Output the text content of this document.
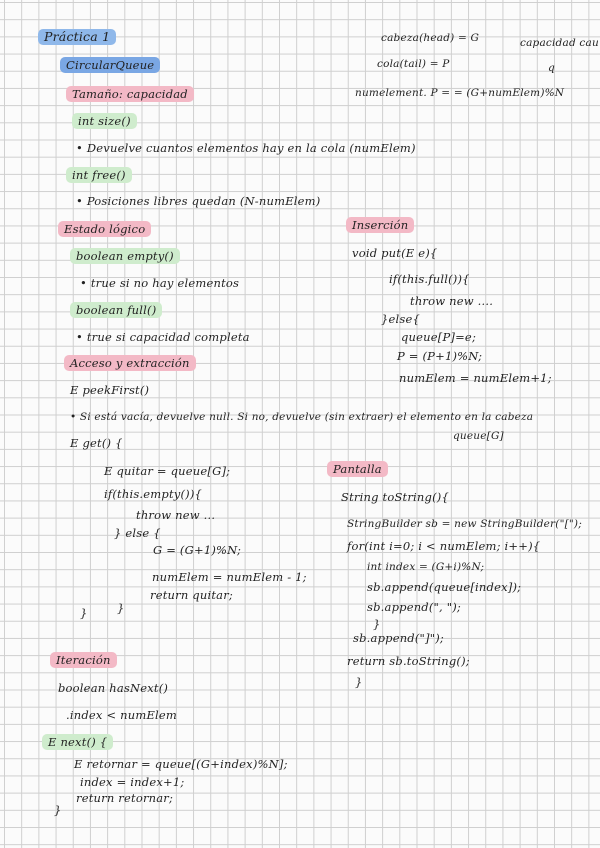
Práctica 1
CircularQueue
cabeza(head) = G
cola(tail) = P
numelement. P = = (G+numElem)%N
capacidad cau
q
Tamaño: capacidad
int size()
• Devuelve cuantos elementos hay en la cola (numElem)
int free()
• Posiciones libres quedan (N-numElem)
Estado lógico
boolean empty()
• true si no hay elementos
boolean full()
• true si capacidad completa
Inserción
void put(E e){
if(this.full()){
throw new ....
}else{
queue[P]=e;
P = (P+1)%N;
numElem = numElem+1;
Acceso y extracción
E peekFirst()
• Si está vacía, devuelve null. Si no, devuelve (sin extraer) el elemento en la cabeza
queue[G]
E get() {
E quitar = queue[G];
if(this.empty()){
throw new ...
} else {
G = (G+1)%N;
numElem = numElem - 1;
return quitar;
}
}
Pantalla
String toString(){
StringBuilder sb = new StringBuilder("[");
for(int i=0; i < numElem; i++){
int index = (G+i)%N;
sb.append(queue[index]);
sb.append(", ");
}
sb.append("]");
return sb.toString();
}
Iteración
boolean hasNext()
.index < numElem
E next() {
E retornar = queue[(G+index)%N];
index = index+1;
return retornar;
}
